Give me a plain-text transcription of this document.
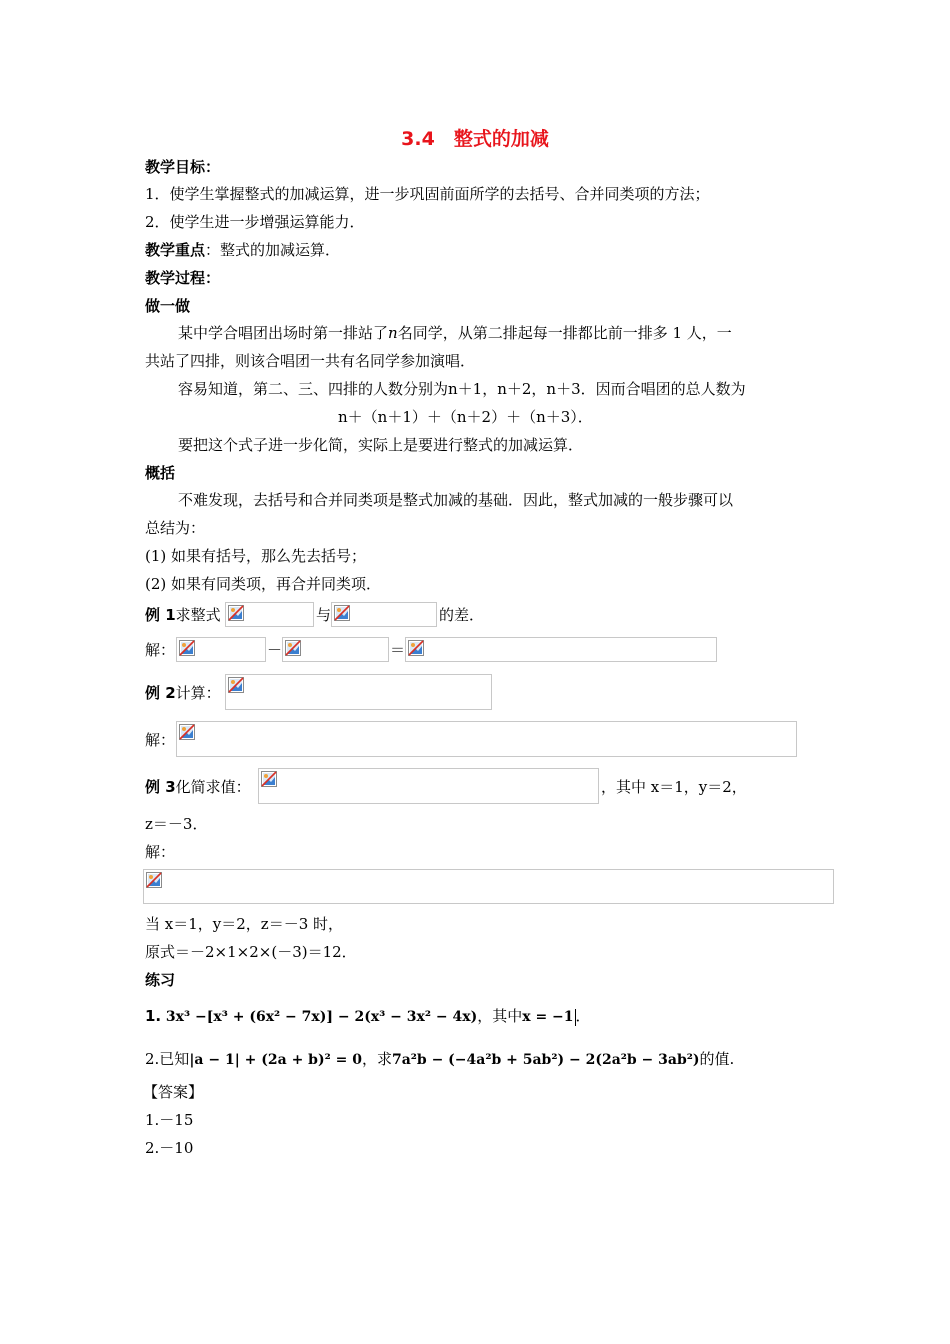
3.4　整式的加减
教学目标：
1．使学生掌握整式的加减运算，进一步巩固前面所学的去括号、合并同类项的方法；
2．使学生进一步增强运算能力．
教学重点：整式的加减运算．
教学过程：
做一做
某中学合唱团出场时第一排站了n名同学，从第二排起每一排都比前一排多 1 人，一
共站了四排，则该合唱团一共有名同学参加演唱．
容易知道，第二、三、四排的人数分别为n＋1，n＋2，n＋3．因而合唱团的总人数为
n＋（n＋1）＋（n＋2）＋（n＋3）．
要把这个式子进一步化简，实际上是要进行整式的加减运算．
概括
不难发现，去括号和合并同类项是整式加减的基础．因此，整式加减的一般步骤可以
总结为：
(1) 如果有括号，那么先去括号；
(2) 如果有同类项，再合并同类项．
例 1求整式	与	的差．
解：	－	＝
例 2计算：
解：
例 3化简求值：	，其中 x＝1，y＝2，
z＝－3．
解：
当 x＝1，y＝2，z＝－3 时，
原式＝－2×1×2×(－3)＝12．
练习
1. 3x³ −[x³ + (6x² − 7x)] − 2(x³ − 3x² − 4x)，其中x = −1 ．
2.已知|a − 1| + (2a + b)² = 0，求7a²b − (−4a²b + 5ab²) − 2(2a²b − 3ab²)的值.
【答案】
1.－15
2.－10
